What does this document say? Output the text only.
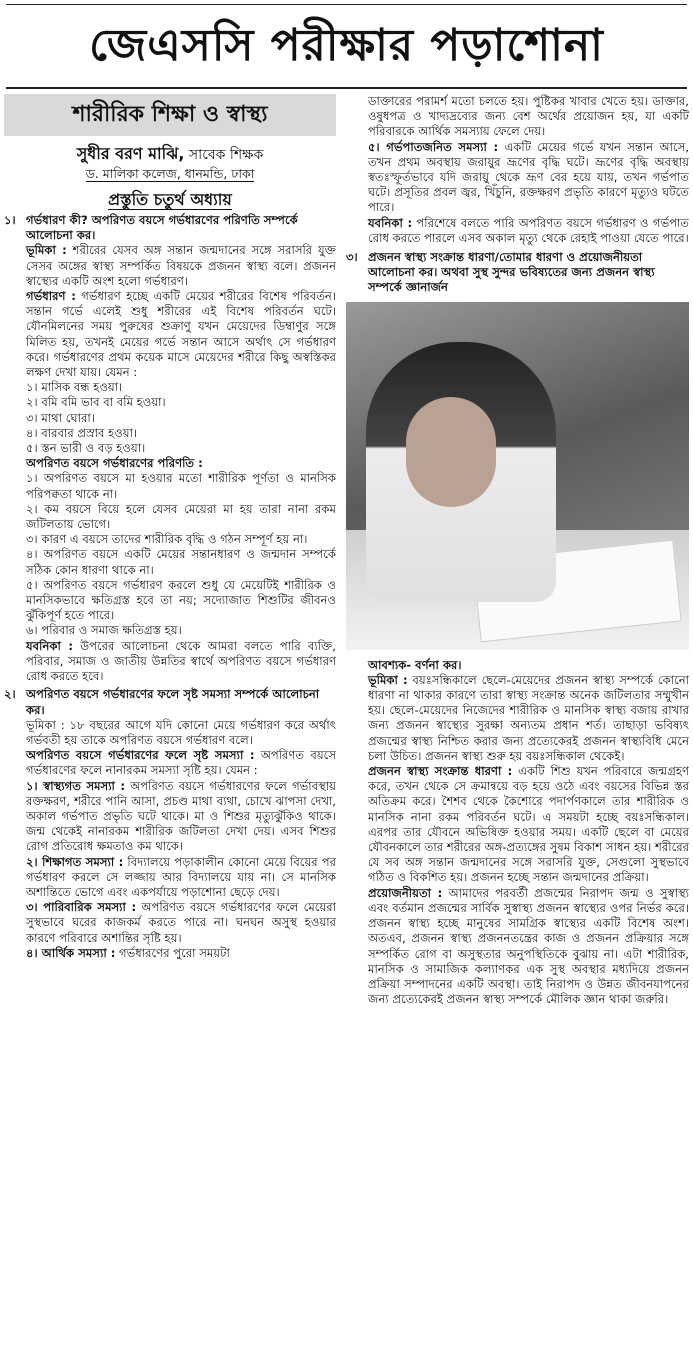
জেএসসি পরীক্ষার পড়াশোনা
শারীরিক শিক্ষা ও স্বাস্থ্য
সুধীর বরণ মাঝি, সাবেক শিক্ষক
ড. মালিকা কলেজ, ধানমন্ডি, ঢাকা
প্রস্তুতি চতুর্থ অধ্যায়
১। গর্ভধারণ কী? অপরিণত বয়সে গর্ভধারণের পরিণতি সম্পর্কে আলোচনা কর।

ভূমিকা : শরীরের যেসব অঙ্গ সন্তান জন্মদানের সঙ্গে সরাসরি যুক্ত সেসব অঙ্গের স্বাস্থ্য সম্পর্কিত বিষয়কে প্রজনন স্বাস্থ্য বলে। প্রজনন স্বাস্থ্যের একটি অংশ হলো গর্ভধারণ।

গর্ভধারণ : গর্ভধারণ হচ্ছে একটি মেয়ের শরীরের বিশেষ পরিবর্তন। সন্তান গর্ভে এলেই শুধু শরীরের এই বিশেষ পরিবর্তন ঘটে। যৌনমিলনের সময় পুরুষের শুক্রাণু যখন মেয়েদের ডিম্বাণুর সঙ্গে মিলিত হয়, তখনই মেয়ের গর্ভে সন্তান আসে অর্থাৎ সে গর্ভধারণ করে। গর্ভধারণের প্রথম কয়েক মাসে মেয়েদের শরীরে কিছু অস্বস্তিকর লক্ষণ দেখা যায়। যেমন :

১। মাসিক বন্ধ হওয়া।

২। বমি বমি ভাব বা বমি হওয়া।

৩। মাথা ঘোরা।

৪। বারবার প্রস্রাব হওয়া।

৫। স্তন ভারী ও বড় হওয়া।

অপরিণত বয়সে গর্ভধারণের পরিণতি :

১। অপরিণত বয়সে মা হওয়ার মতো শারীরিক পূর্ণতা ও মানসিক পরিপক্বতা থাকে না।

২। কম বয়সে বিয়ে হলে যেসব মেয়েরা মা হয় তারা নানা রকম জটিলতায় ভোগে।

৩। কারণ এ বয়সে তাদের শারীরিক বৃদ্ধি ও গঠন সম্পূর্ণ হয় না।

৪। অপরিণত বয়সে একটি মেয়ের সন্তানধারণ ও জন্মদান সম্পর্কে সঠিক কোন ধারণা থাকে না।

৫। অপরিণত বয়সে গর্ভধারণ করলে শুধু যে মেয়েটিই শারীরিক ও মানসিকভাবে ক্ষতিগ্রস্ত হবে তা নয়; সদ্যোজাত শিশুটির জীবনও ঝুঁকিপূর্ণ হতে পারে।

৬। পরিবার ও সমাজ ক্ষতিগ্রস্ত হয়।

যবনিকা : উপরের আলোচনা থেকে আমরা বলতে পারি ব্যক্তি, পরিবার, সমাজ ও জাতীয় উন্নতির স্বার্থে অপরিণত বয়সে গর্ভধারণ রোধ করতে হবে।

২। অপরিণত বয়সে গর্ভধারণের ফলে সৃষ্ট সমস্যা সম্পর্কে আলোচনা কর।

ভূমিকা : ১৮ বছরের আগে যদি কোনো মেয়ে গর্ভধারণ করে অর্থাৎ গর্ভবতী হয় তাকে অপরিণত বয়সে গর্ভধারণ বলে।

অপরিণত বয়সে গর্ভধারণের ফলে সৃষ্ট সমস্যা : অপরিণত বয়সে গর্ভধারণের ফলে নানারকম সমস্যা সৃষ্টি হয়। যেমন :

১। স্বাস্থ্যগত সমস্যা : অপরিণত বয়সে গর্ভধারণের ফলে গর্ভাবস্থায় রক্তক্ষরণ, শরীরে পানি আসা, প্রচণ্ড মাথা ব্যথা, চোখে ঝাপসা দেখা, অকাল গর্ভপাত প্রভৃতি ঘটে থাকে। মা ও শিশুর মৃত্যুঝুঁকিও থাকে। জন্ম থেকেই নানারকম শারীরিক জটিলতা দেখা দেয়। এসব শিশুর রোগ প্রতিরোধ ক্ষমতাও কম থাকে।

২। শিক্ষাগত সমস্যা : বিদ্যালয়ে পড়াকালীন কোনো মেয়ে বিয়ের পর গর্ভধারণ করলে সে লজ্জায় আর বিদ্যালয়ে যায় না। সে মানসিক অশান্তিতে ভোগে এবং একপর্যায়ে পড়াশোনা ছেড়ে দেয়।

৩। পারিবারিক সমস্যা : অপরিণত বয়সে গর্ভধারণের ফলে মেয়েরা সুস্থভাবে ঘরের কাজকর্ম করতে পারে না। ঘনঘন অসুস্থ হওয়ার কারণে পরিবারে অশান্তির সৃষ্টি হয়।

৪। আর্থিক সমস্যা : গর্ভধারণের পুরো সময়টা

ডাক্তারের পরামর্শ মতো চলতে হয়। পুষ্টিকর খাবার খেতে হয়। ডাক্তার, ওষুধপত্র ও খাদ্যদ্রব্যের জন্য বেশ অর্থের প্রয়োজন হয়, যা একটি পরিবারকে আর্থিক সমস্যায় ফেলে দেয়।

৫। গর্ভপাতজনিত সমস্যা : একটি মেয়ের গর্ভে যখন সন্তান আসে, তখন প্রথম অবস্থায় জরায়ুর ভ্রূণের বৃদ্ধি ঘটে। ভ্রূণের বৃদ্ধি অবস্থায় স্বতঃস্ফূর্তভাবে যদি জরায়ু থেকে ভ্রূণ বের হয়ে যায়, তখন গর্ভপাত ঘটে। প্রসূতির প্রবল জ্বর, খিঁচুনি, রক্তক্ষরণ প্রভৃতি কারণে মৃত্যুও ঘটতে পারে।

যবনিকা : পরিশেষে বলতে পারি অপরিণত বয়সে গর্ভধারণ ও গর্ভপাত রোধ করতে পারলে এসব অকাল মৃত্যু থেকে রেহাই পাওয়া যেতে পারে।

৩। প্রজনন স্বাস্থ্য সংক্রান্ত ধারণা/তোমার ধারণা ও প্রয়োজনীয়তা আলোচনা কর। অথবা সুস্থ সুন্দর ভবিষ্যতের জন্য প্রজনন স্বাস্থ্য সম্পর্কে জ্ঞানার্জন

আবশ্যক- বর্ণনা কর।

ভূমিকা : বয়ঃসন্ধিকালে ছেলে-মেয়েদের প্রজনন স্বাস্থ্য সম্পর্কে কোনো ধারণা না থাকার কারণে তারা স্বাস্থ্য সংক্রান্ত অনেক জটিলতার সম্মুখীন হয়। ছেলে-মেয়েদের নিজেদের শারীরিক ও মানসিক স্বাস্থ্য বজায় রাখার জন্য প্রজনন স্বাস্থ্যের সুরক্ষা অন্যতম প্রধান শর্ত। তাছাড়া ভবিষ্যৎ প্রজন্মের স্বাস্থ্য নিশ্চিত করার জন্য প্রত্যেকেরই প্রজনন স্বাস্থ্যবিধি মেনে চলা উচিত। প্রজনন স্বাস্থ্য শুরু হয় বয়ঃসন্ধিকাল থেকেই।

প্রজনন স্বাস্থ্য সংক্রান্ত ধারণা : একটি শিশু যখন পরিবারে জন্মগ্রহণ করে, তখন থেকে সে ক্রমান্বয়ে বড় হয়ে ওঠে এবং বয়সের বিভিন্ন স্তর অতিক্রম করে। শৈশব থেকে কৈশোরে পদার্পণকালে তার শারীরিক ও মানসিক নানা রকম পরিবর্তন ঘটে। এ সময়টা হচ্ছে বয়ঃসন্ধিকাল। এরপর তার যৌবনে অভিষিক্ত হওয়ার সময়। একটি ছেলে বা মেয়ের যৌবনকালে তার শরীরের অঙ্গ-প্রত্যঙ্গের সুষম বিকাশ সাধন হয়। শরীরের যে সব অঙ্গ সন্তান জন্মদানের সঙ্গে সরাসরি যুক্ত, সেগুলো সুস্থভাবে গঠিত ও বিকশিত হয়। প্রজনন হচ্ছে সন্তান জন্মদানের প্রক্রিয়া।

প্রয়োজনীয়তা : আমাদের পরবর্তী প্রজন্মের নিরাপদ জন্ম ও সুস্বাস্থ্য এবং বর্তমান প্রজন্মের সার্বিক সুস্বাস্থ্য প্রজনন স্বাস্থ্যের ওপর নির্ভর করে। প্রজনন স্বাস্থ্য হচ্ছে মানুষের সামগ্রিক স্বাস্থ্যের একটি বিশেষ অংশ। অতএব, প্রজনন স্বাস্থ্য প্রজননতন্ত্রের কাজ ও প্রজনন প্রক্রিয়ার সঙ্গে সম্পর্কিত রোগ বা অসুস্থতার অনুপস্থিতিকে বুঝায় না। এটা শারীরিক, মানসিক ও সামাজিক কল্যাণকর এক সুস্থ অবস্থার মধ্যদিয়ে প্রজনন প্রক্রিয়া সম্পাদনের একটি অবস্থা। তাই নিরাপদ ও উন্নত জীবনযাপনের জন্য প্রত্যেকেরই প্রজনন স্বাস্থ্য সম্পর্কে মৌলিক জ্ঞান থাকা জরুরি।
